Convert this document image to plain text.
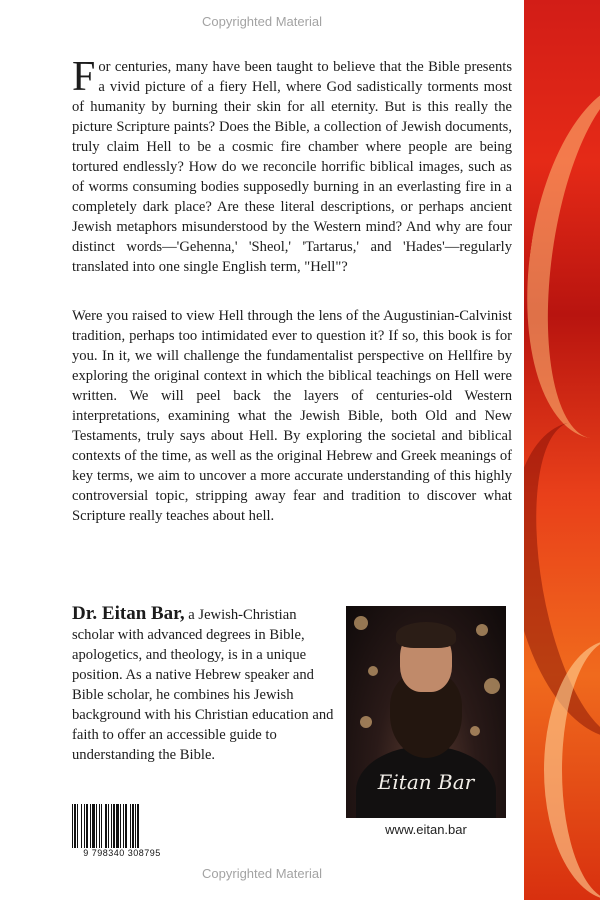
Copyrighted Material

For centuries, many have been taught to believe that the Bible presents a vivid picture of a fiery Hell, where God sadistically torments most of humanity by burning their skin for all eternity. But is this really the picture Scripture paints? Does the Bible, a collection of Jewish documents, truly claim Hell to be a cosmic fire chamber where people are being tortured endlessly? How do we reconcile horrific biblical images, such as of worms consuming bodies supposedly burning in an everlasting fire in a completely dark place? Are these literal descriptions, or perhaps ancient Jewish metaphors misunderstood by the Western mind? And why are four distinct words—'Gehenna,' 'Sheol,' 'Tartarus,' and 'Hades'—regularly translated into one single English term, "Hell"?

Were you raised to view Hell through the lens of the Augustinian-Calvinist tradition, perhaps too intimidated ever to question it? If so, this book is for you. In it, we will challenge the fundamentalist perspective on Hellfire by exploring the original context in which the biblical teachings on Hell were written. We will peel back the layers of centuries-old Western interpretations, examining what the Jewish Bible, both Old and New Testaments, truly says about Hell. By exploring the societal and biblical contexts of the time, as well as the original Hebrew and Greek meanings of key terms, we aim to uncover a more accurate understanding of this highly controversial topic, stripping away fear and tradition to discover what Scripture really teaches about hell.

Dr. Eitan Bar, a Jewish-Christian scholar with advanced degrees in Bible, apologetics, and theology, is in a unique position. As a native Hebrew speaker and Bible scholar, he combines his Jewish background with his Christian education and faith to offer an accessible guide to understanding the Bible.

Eitan Bar
www.eitan.bar
9 798340 308795
Copyrighted Material
